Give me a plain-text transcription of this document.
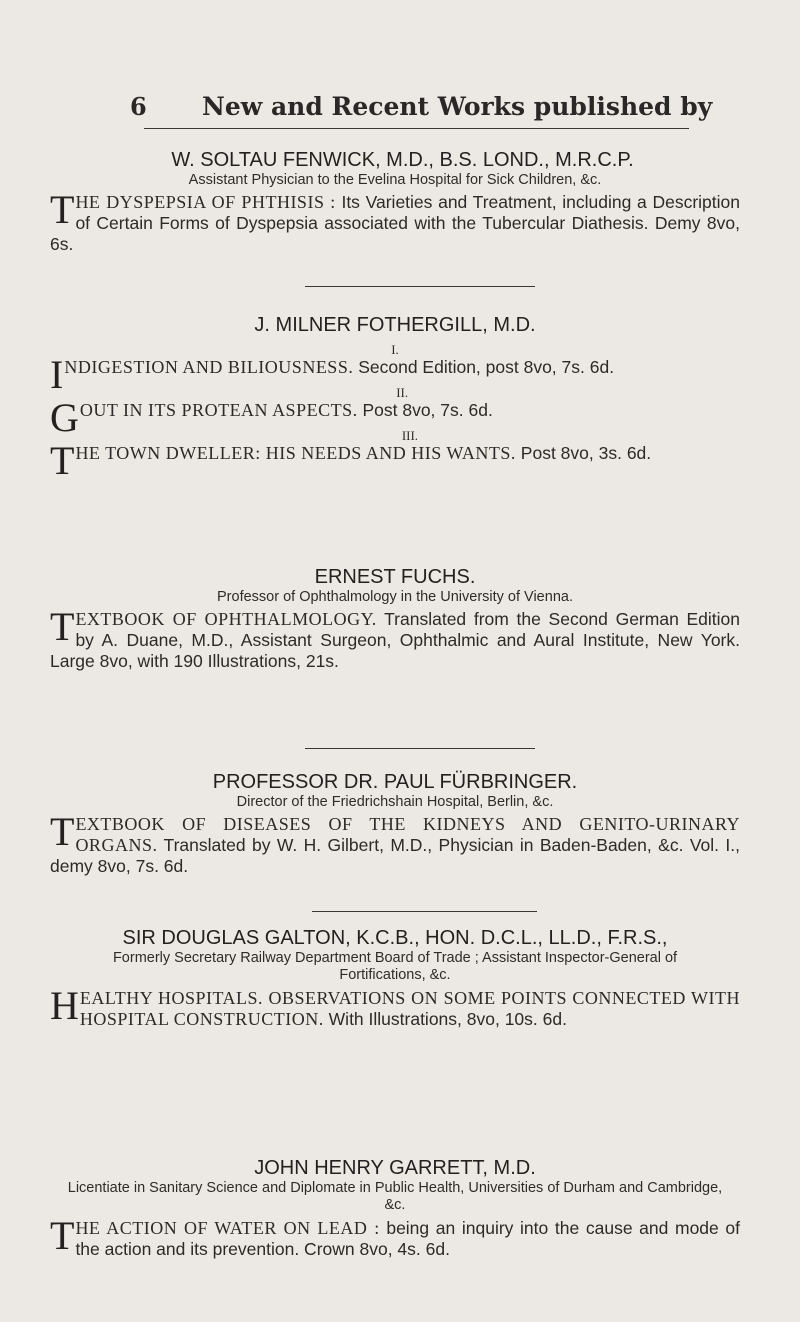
6 New and Recent Works published by
W. SOLTAU FENWICK, M.D., B.S. LOND., M.R.C.P.
Assistant Physician to the Evelina Hospital for Sick Children, &c.
THE DYSPEPSIA OF PHTHISIS : Its Varieties and Treatment, including a Description of Certain Forms of Dyspepsia associated with the Tubercular Diathesis. Demy 8vo, 6s.
J. MILNER FOTHERGILL, M.D.
I.
INDIGESTION AND BILIOUSNESS. Second Edition, post 8vo, 7s. 6d.
II.
GOUT IN ITS PROTEAN ASPECTS. Post 8vo, 7s. 6d.
III.
THE TOWN DWELLER: HIS NEEDS AND HIS WANTS. Post 8vo, 3s. 6d.
ERNEST FUCHS.
Professor of Ophthalmology in the University of Vienna.
TEXTBOOK OF OPHTHALMOLOGY. Translated from the Second German Edition by A. Duane, M.D., Assistant Surgeon, Ophthalmic and Aural Institute, New York. Large 8vo, with 190 Illustrations, 21s.
PROFESSOR DR. PAUL FÜRBRINGER.
Director of the Friedrichshain Hospital, Berlin, &c.
TEXTBOOK OF DISEASES OF THE KIDNEYS AND GENITO-URINARY ORGANS. Translated by W. H. Gilbert, M.D., Physician in Baden-Baden, &c. Vol. I., demy 8vo, 7s. 6d.
SIR DOUGLAS GALTON, K.C.B., HON. D.C.L., LL.D., F.R.S.,
Formerly Secretary Railway Department Board of Trade ; Assistant Inspector-General of Fortifications, &c.
HEALTHY HOSPITALS. OBSERVATIONS ON SOME POINTS CONNECTED WITH HOSPITAL CONSTRUCTION. With Illustrations, 8vo, 10s. 6d.
JOHN HENRY GARRETT, M.D.
Licentiate in Sanitary Science and Diplomate in Public Health, Universities of Durham and Cambridge, &c.
THE ACTION OF WATER ON LEAD : being an inquiry into the cause and mode of the action and its prevention. Crown 8vo, 4s. 6d.
